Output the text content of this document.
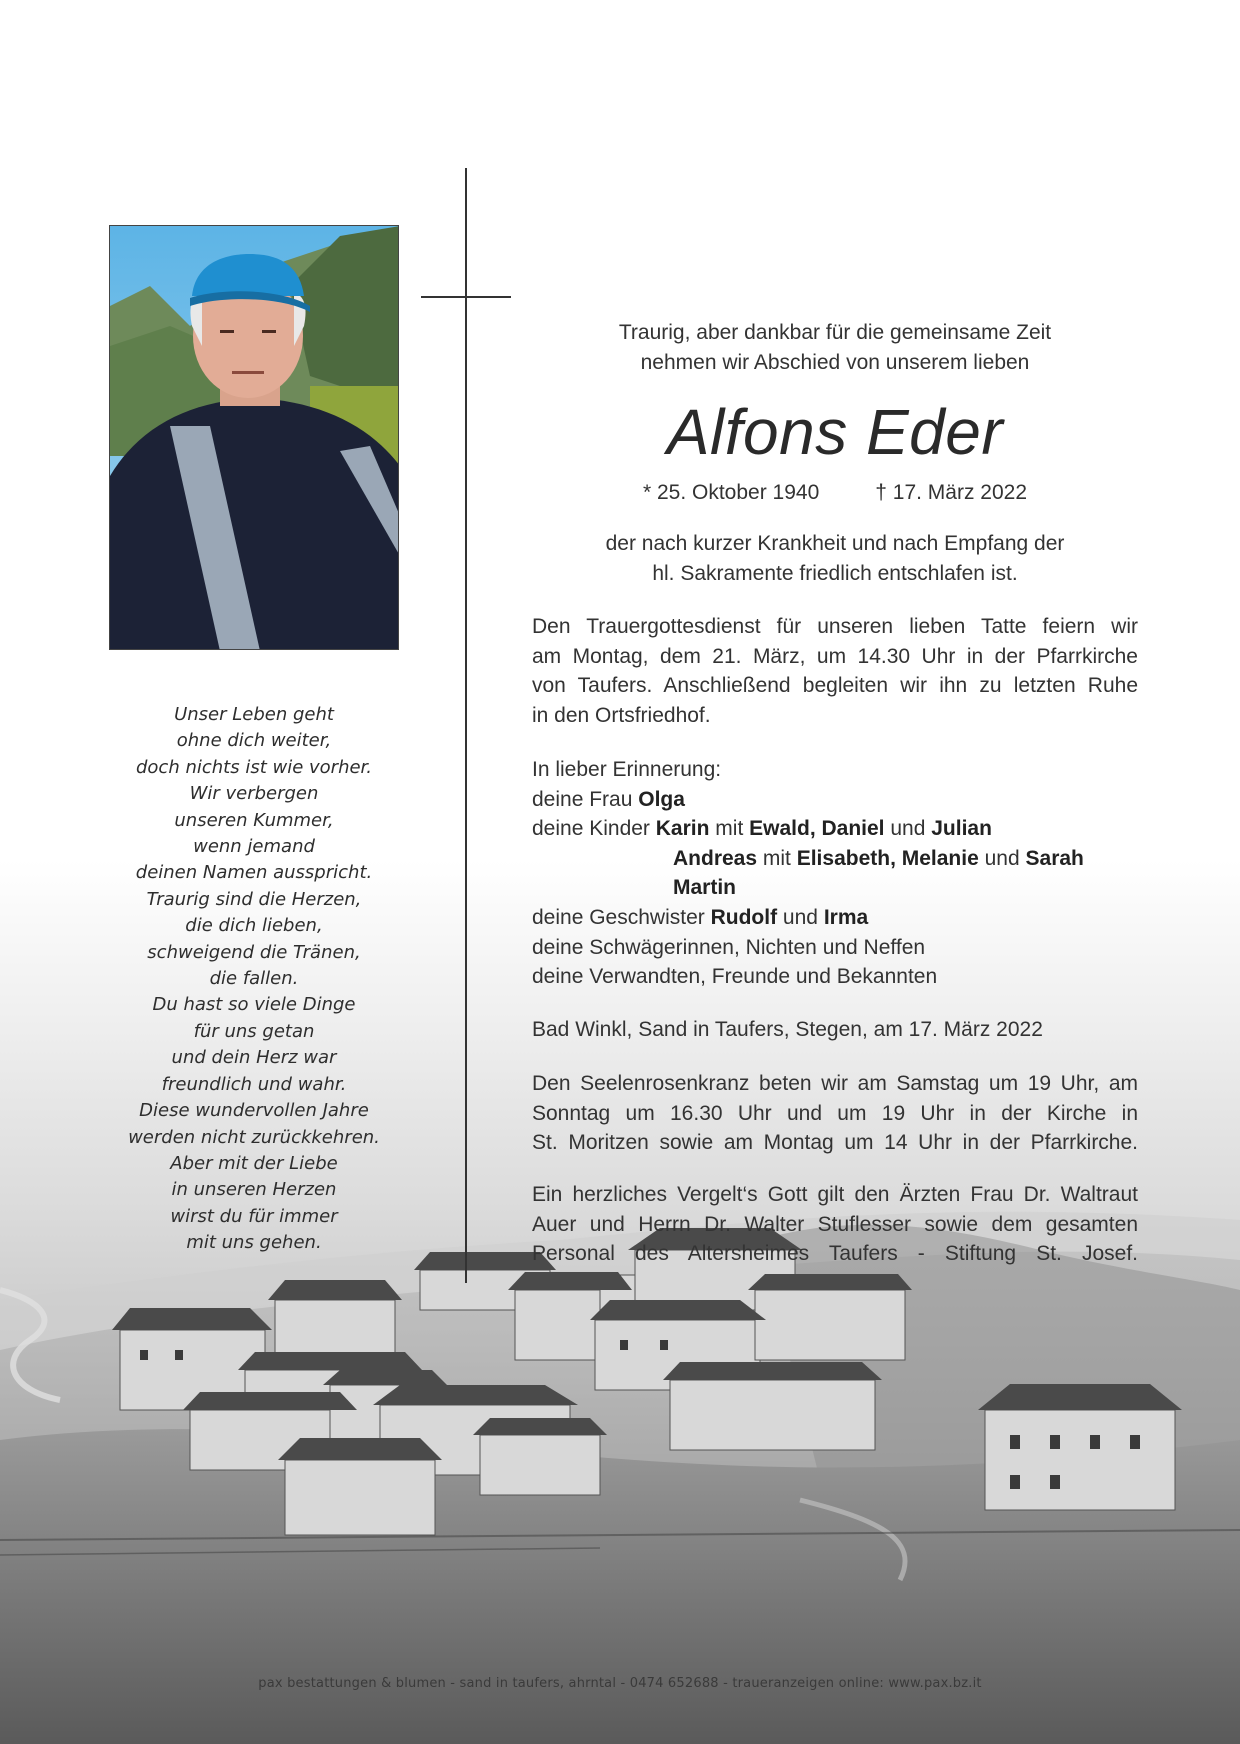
Unser Leben geht
ohne dich weiter,
doch nichts ist wie vorher.
Wir verbergen
unseren Kummer,
wenn jemand
deinen Namen ausspricht.
Traurig sind die Herzen,
die dich lieben,
schweigend die Tränen,
die fallen.
Du hast so viele Dinge
für uns getan
und dein Herz war
freundlich und wahr.
Diese wundervollen Jahre
werden nicht zurückkehren.
Aber mit der Liebe
in unseren Herzen
wirst du für immer
mit uns gehen.
Traurig, aber dankbar für die gemeinsame Zeit
nehmen wir Abschied von unserem lieben
Alfons Eder
* 25. Oktober 1940	† 17. März 2022
der nach kurzer Krankheit und nach Empfang der
hl. Sakramente friedlich entschlafen ist.
Den Trauergottesdienst für unseren lieben Tatte feiern wir
am Montag, dem 21. März, um 14.30 Uhr in der Pfarrkirche
von Taufers. Anschließend begleiten wir ihn zu letzten Ruhe
in den Ortsfriedhof.
In lieber Erinnerung:
deine Frau Olga
deine Kinder Karin mit Ewald, Daniel und Julian
Andreas mit Elisabeth, Melanie und Sarah
Martin
deine Geschwister Rudolf und Irma
deine Schwägerinnen, Nichten und Neffen
deine Verwandten, Freunde und Bekannten
Bad Winkl, Sand in Taufers, Stegen, am 17. März 2022
Den Seelenrosenkranz beten wir am Samstag um 19 Uhr, am
Sonntag um 16.30 Uhr und um 19 Uhr in der Kirche in
St. Moritzen sowie am Montag um 14 Uhr in der Pfarrkirche.
Ein herzliches Vergelt‘s Gott gilt den Ärzten Frau Dr. Waltraut
Auer und Herrn Dr. Walter Stuflesser sowie dem gesamten
Personal des Altersheimes Taufers - Stiftung St. Josef.
pax bestattungen & blumen - sand in taufers, ahrntal - 0474 652688 - traueranzeigen online: www.pax.bz.it
